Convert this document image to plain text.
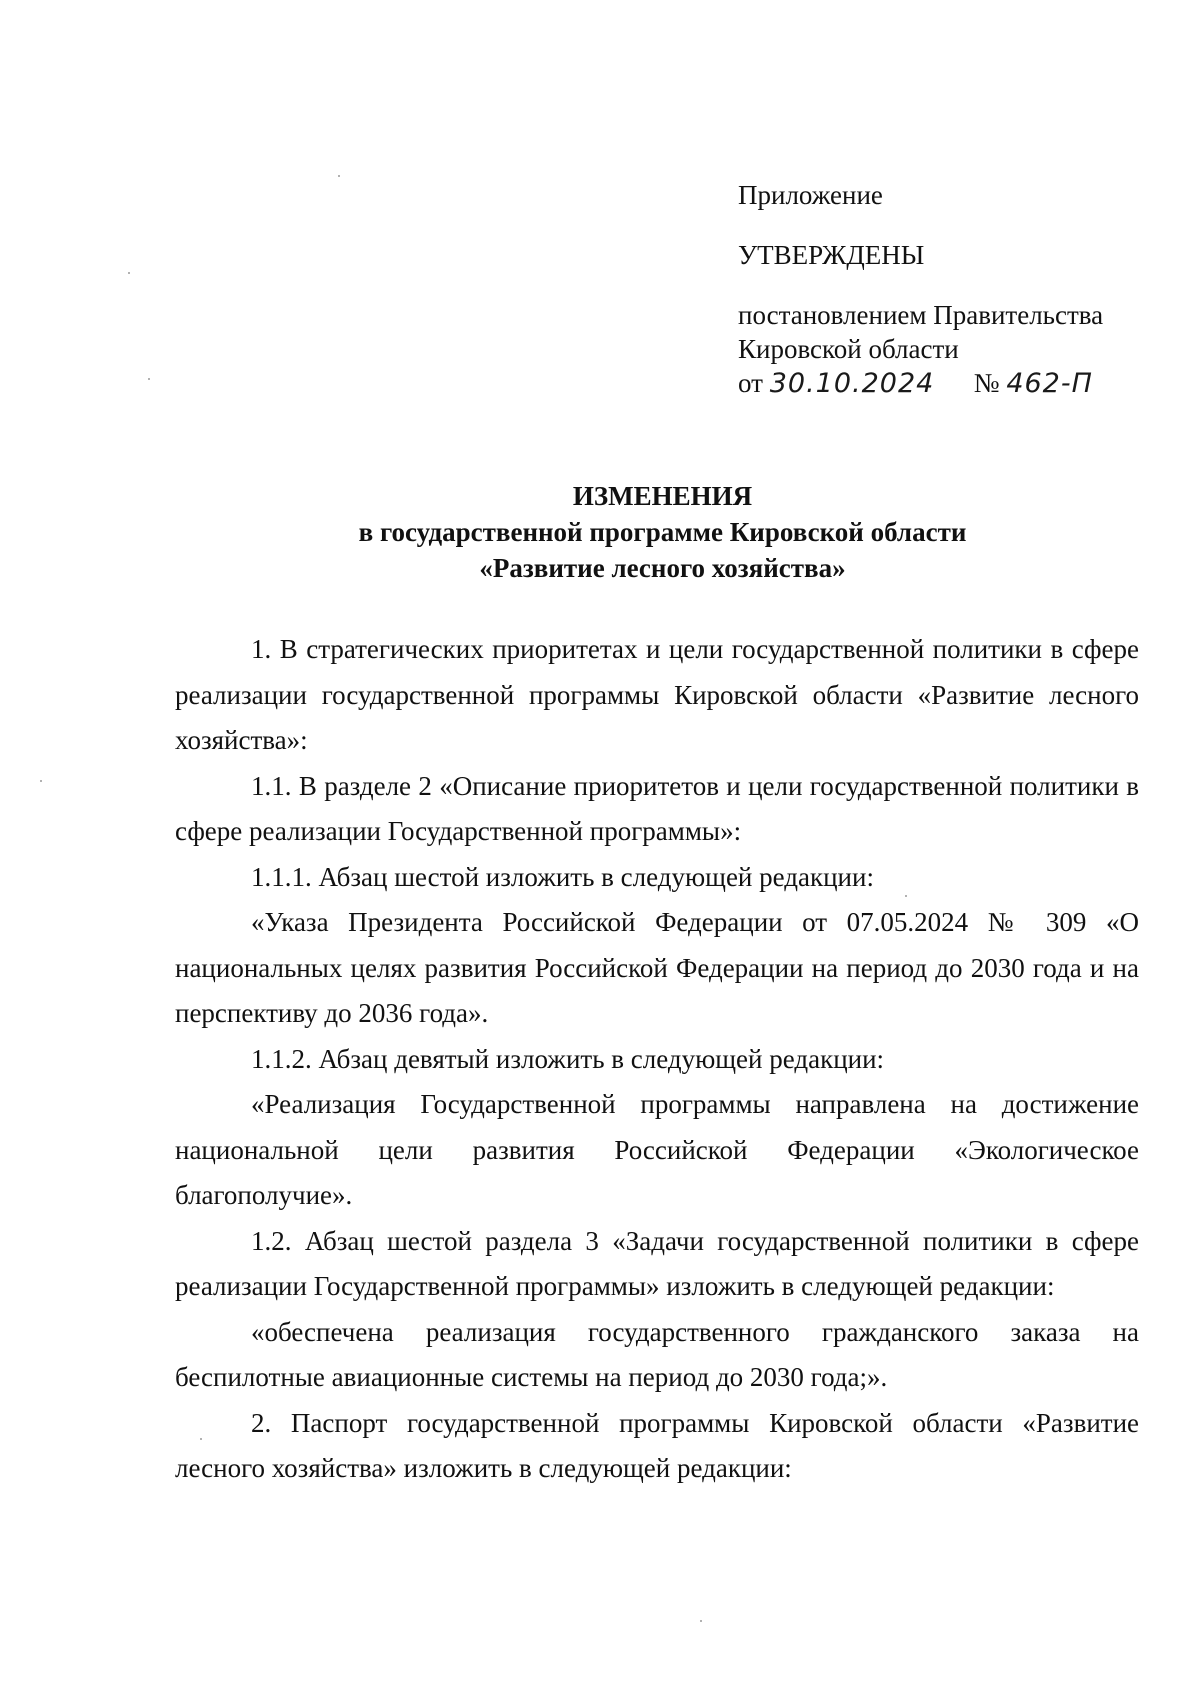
Приложение
УТВЕРЖДЕНЫ
постановлением Правительства
Кировской области
от 30.10.2024 № 462-П
ИЗМЕНЕНИЯ
в государственной программе Кировской области
«Развитие лесного хозяйства»

1. В стратегических приоритетах и цели государственной политики в сфере реализации государственной программы Кировской области «Развитие лесного хозяйства»:

1.1. В разделе 2 «Описание приоритетов и цели государственной политики в сфере реализации Государственной программы»:

1.1.1. Абзац шестой изложить в следующей редакции:

«Указа Президента Российской Федерации от 07.05.2024 № 309 «О национальных целях развития Российской Федерации на период до 2030 года и на перспективу до 2036 года».

1.1.2. Абзац девятый изложить в следующей редакции:

«Реализация Государственной программы направлена на достижение национальной цели развития Российской Федерации «Экологическое благополучие».

1.2. Абзац шестой раздела 3 «Задачи государственной политики в сфере реализации Государственной программы» изложить в следующей редакции:

«обеспечена реализация государственного гражданского заказа на беспилотные авиационные системы на период до 2030 года;».

2. Паспорт государственной программы Кировской области «Развитие лесного хозяйства» изложить в следующей редакции:
